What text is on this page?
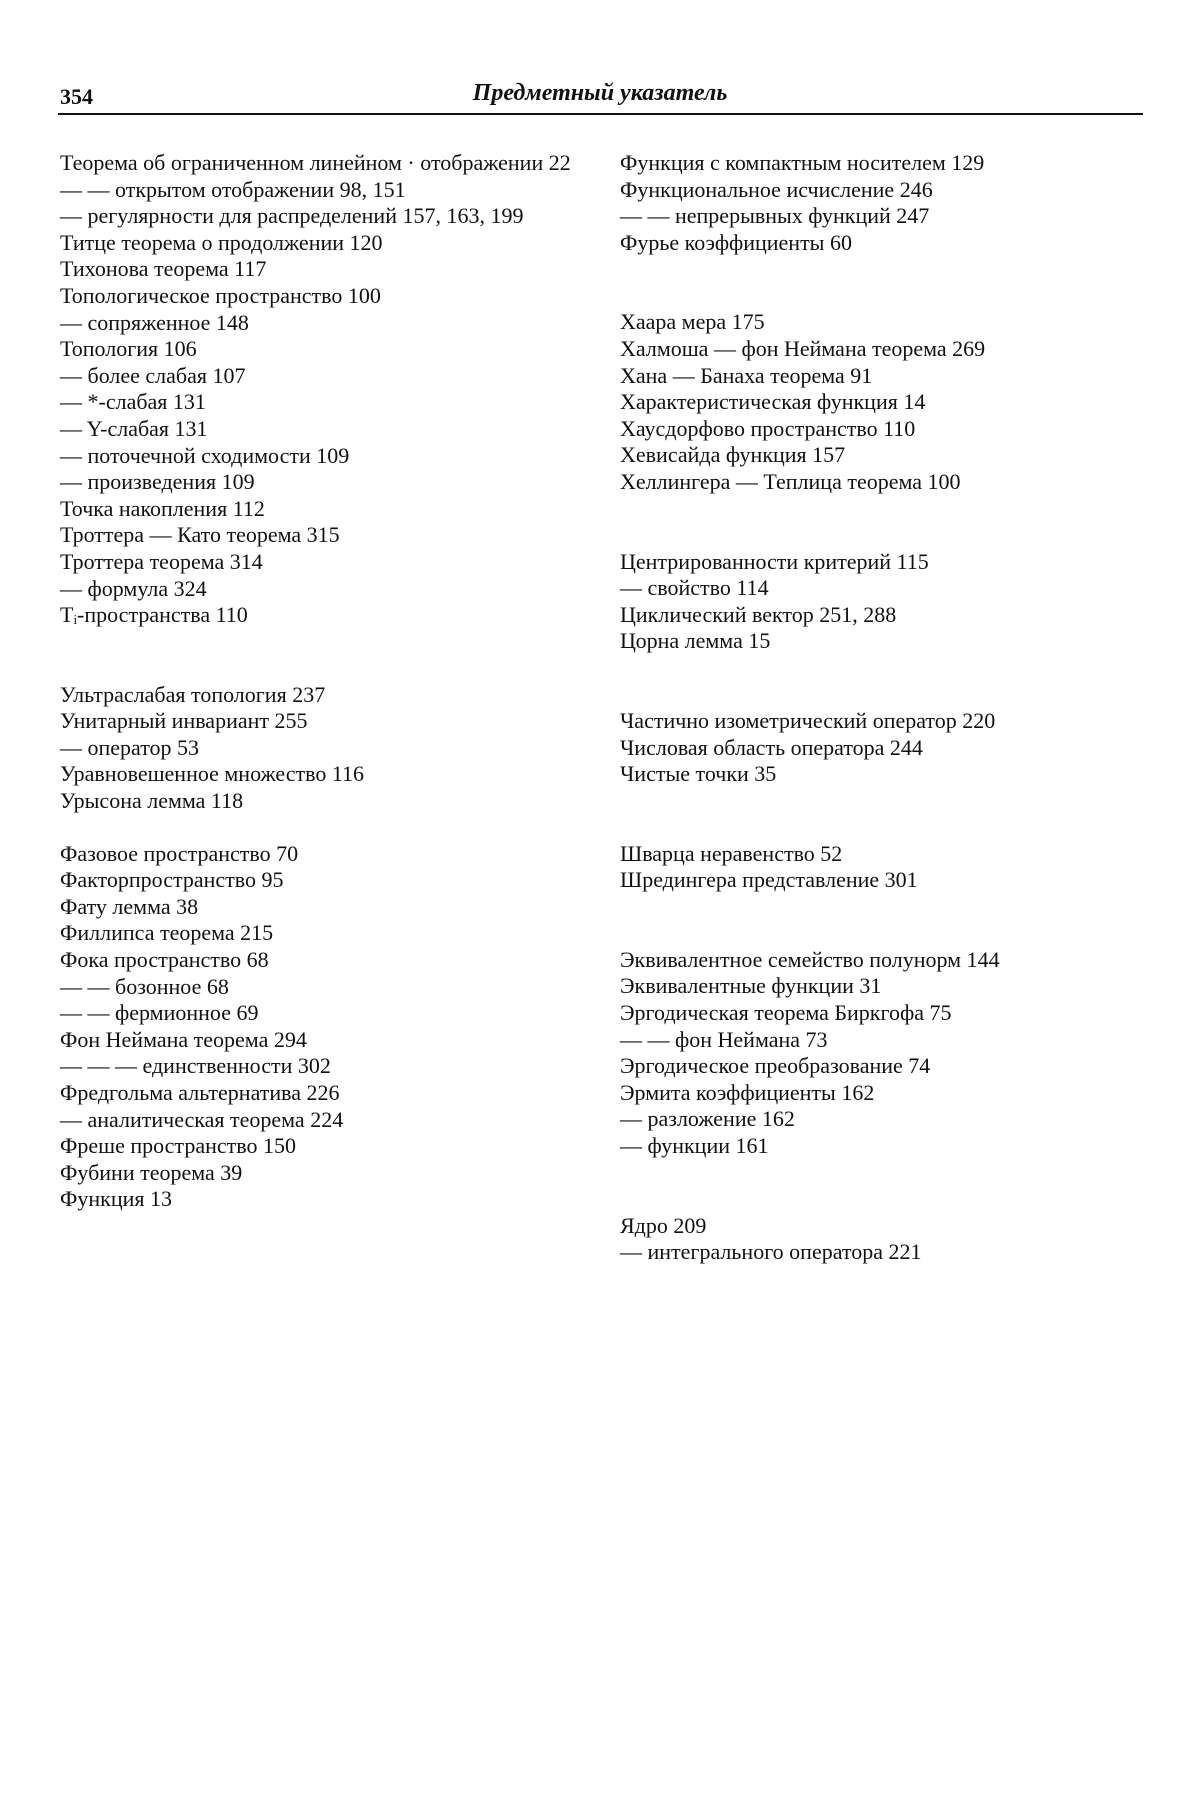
354	Предметный указатель

Теорема об ограниченном линейном · отображении 22

— — открытом отображении 98, 151

— регулярности для распределений 157, 163, 199

Титце теорема о продолжении 120

Тихонова теорема 117

Топологическое пространство 100

— сопряженное 148

Топология 106

— более слабая 107

— *-слабая 131

— Y-слабая 131

— поточечной сходимости 109

— произведения 109

Точка накопления 112

Троттера — Като теорема 315

Троттера теорема 314

— формула 324

Tᵢ-пространства 110

Ультраслабая топология 237

Унитарный инвариант 255

— оператор 53

Уравновешенное множество 116

Урысона лемма 118

Фазовое пространство 70

Факторпространство 95

Фату лемма 38

Филлипса теорема 215

Фока пространство 68

— — бозонное 68

— — фермионное 69

Фон Неймана теорема 294

— — — единственности 302

Фредгольма альтернатива 226

— аналитическая теорема 224

Фреше пространство 150

Фубини теорема 39

Функция 13

Функция с компактным носителем 129

Функциональное исчисление 246

— — непрерывных функций 247

Фурье коэффициенты 60

Хаара мера 175

Халмоша — фон Неймана теорема 269

Хана — Банаха теорема 91

Характеристическая функция 14

Хаусдорфово пространство 110

Хевисайда функция 157

Хеллингера — Теплица теорема 100

Центрированности критерий 115

— свойство 114

Циклический вектор 251, 288

Цорна лемма 15

Частично изометрический оператор 220

Числовая область оператора 244

Чистые точки 35

Шварца неравенство 52

Шредингера представление 301

Эквивалентное семейство полунорм 144

Эквивалентные функции 31

Эргодическая теорема Биркгофа 75

— — фон Неймана 73

Эргодическое преобразование 74

Эрмита коэффициенты 162

— разложение 162

— функции 161

Ядро 209

— интегрального оператора 221
